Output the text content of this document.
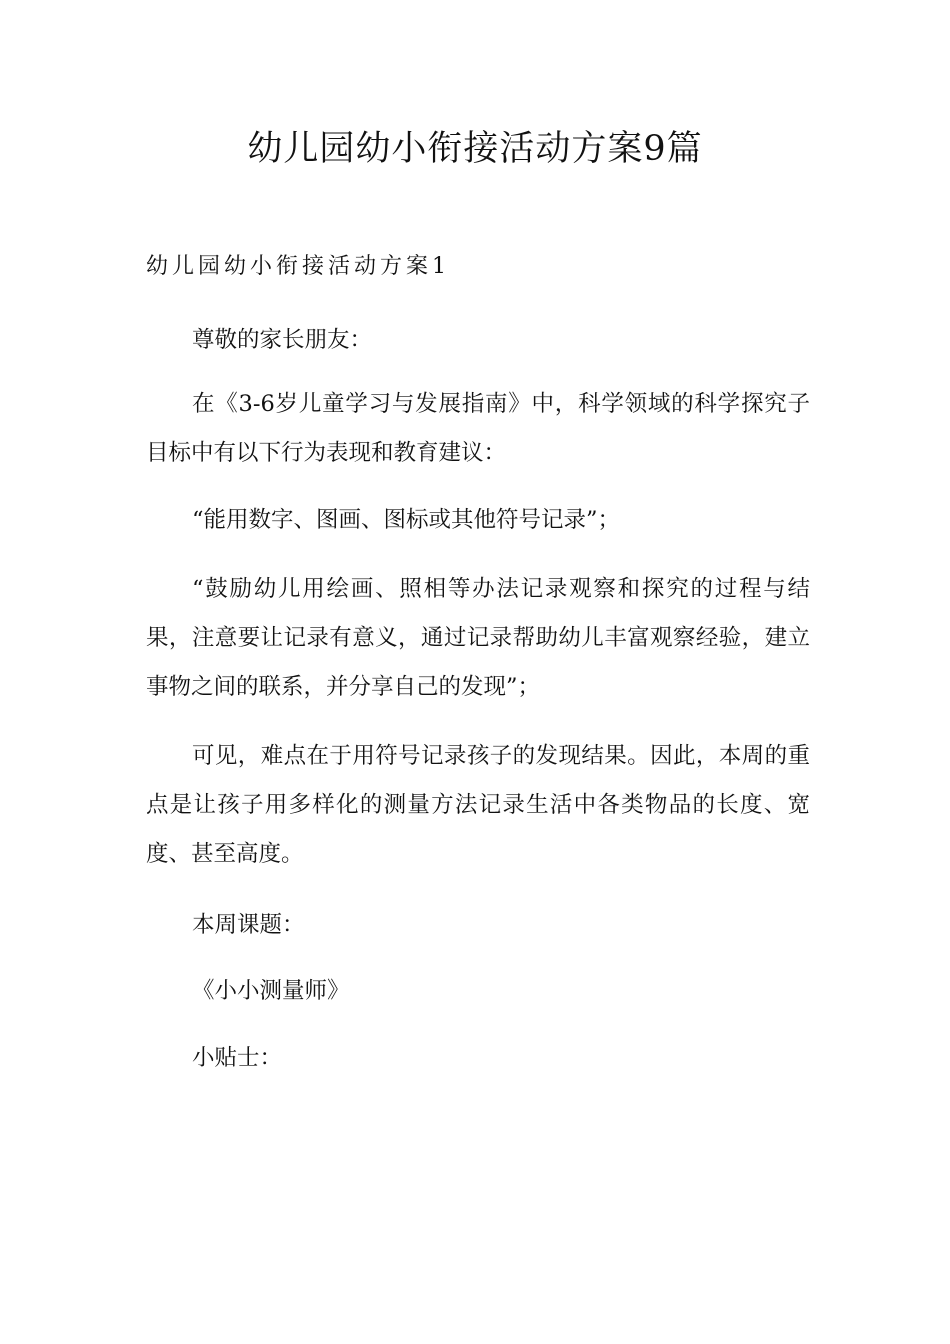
幼儿园幼小衔接活动方案9篇
幼儿园幼小衔接活动方案1

尊敬的家长朋友：

在《3-6岁儿童学习与发展指南》中，科学领域的科学探究子目标中有以下行为表现和教育建议：

“能用数字、图画、图标或其他符号记录”；

“鼓励幼儿用绘画、照相等办法记录观察和探究的过程与结果，注意要让记录有意义，通过记录帮助幼儿丰富观察经验，建立事物之间的联系，并分享自己的发现”；

可见，难点在于用符号记录孩子的发现结果。因此，本周的重点是让孩子用多样化的测量方法记录生活中各类物品的长度、宽度、甚至高度。

本周课题：

《小小测量师》

小贴士：
